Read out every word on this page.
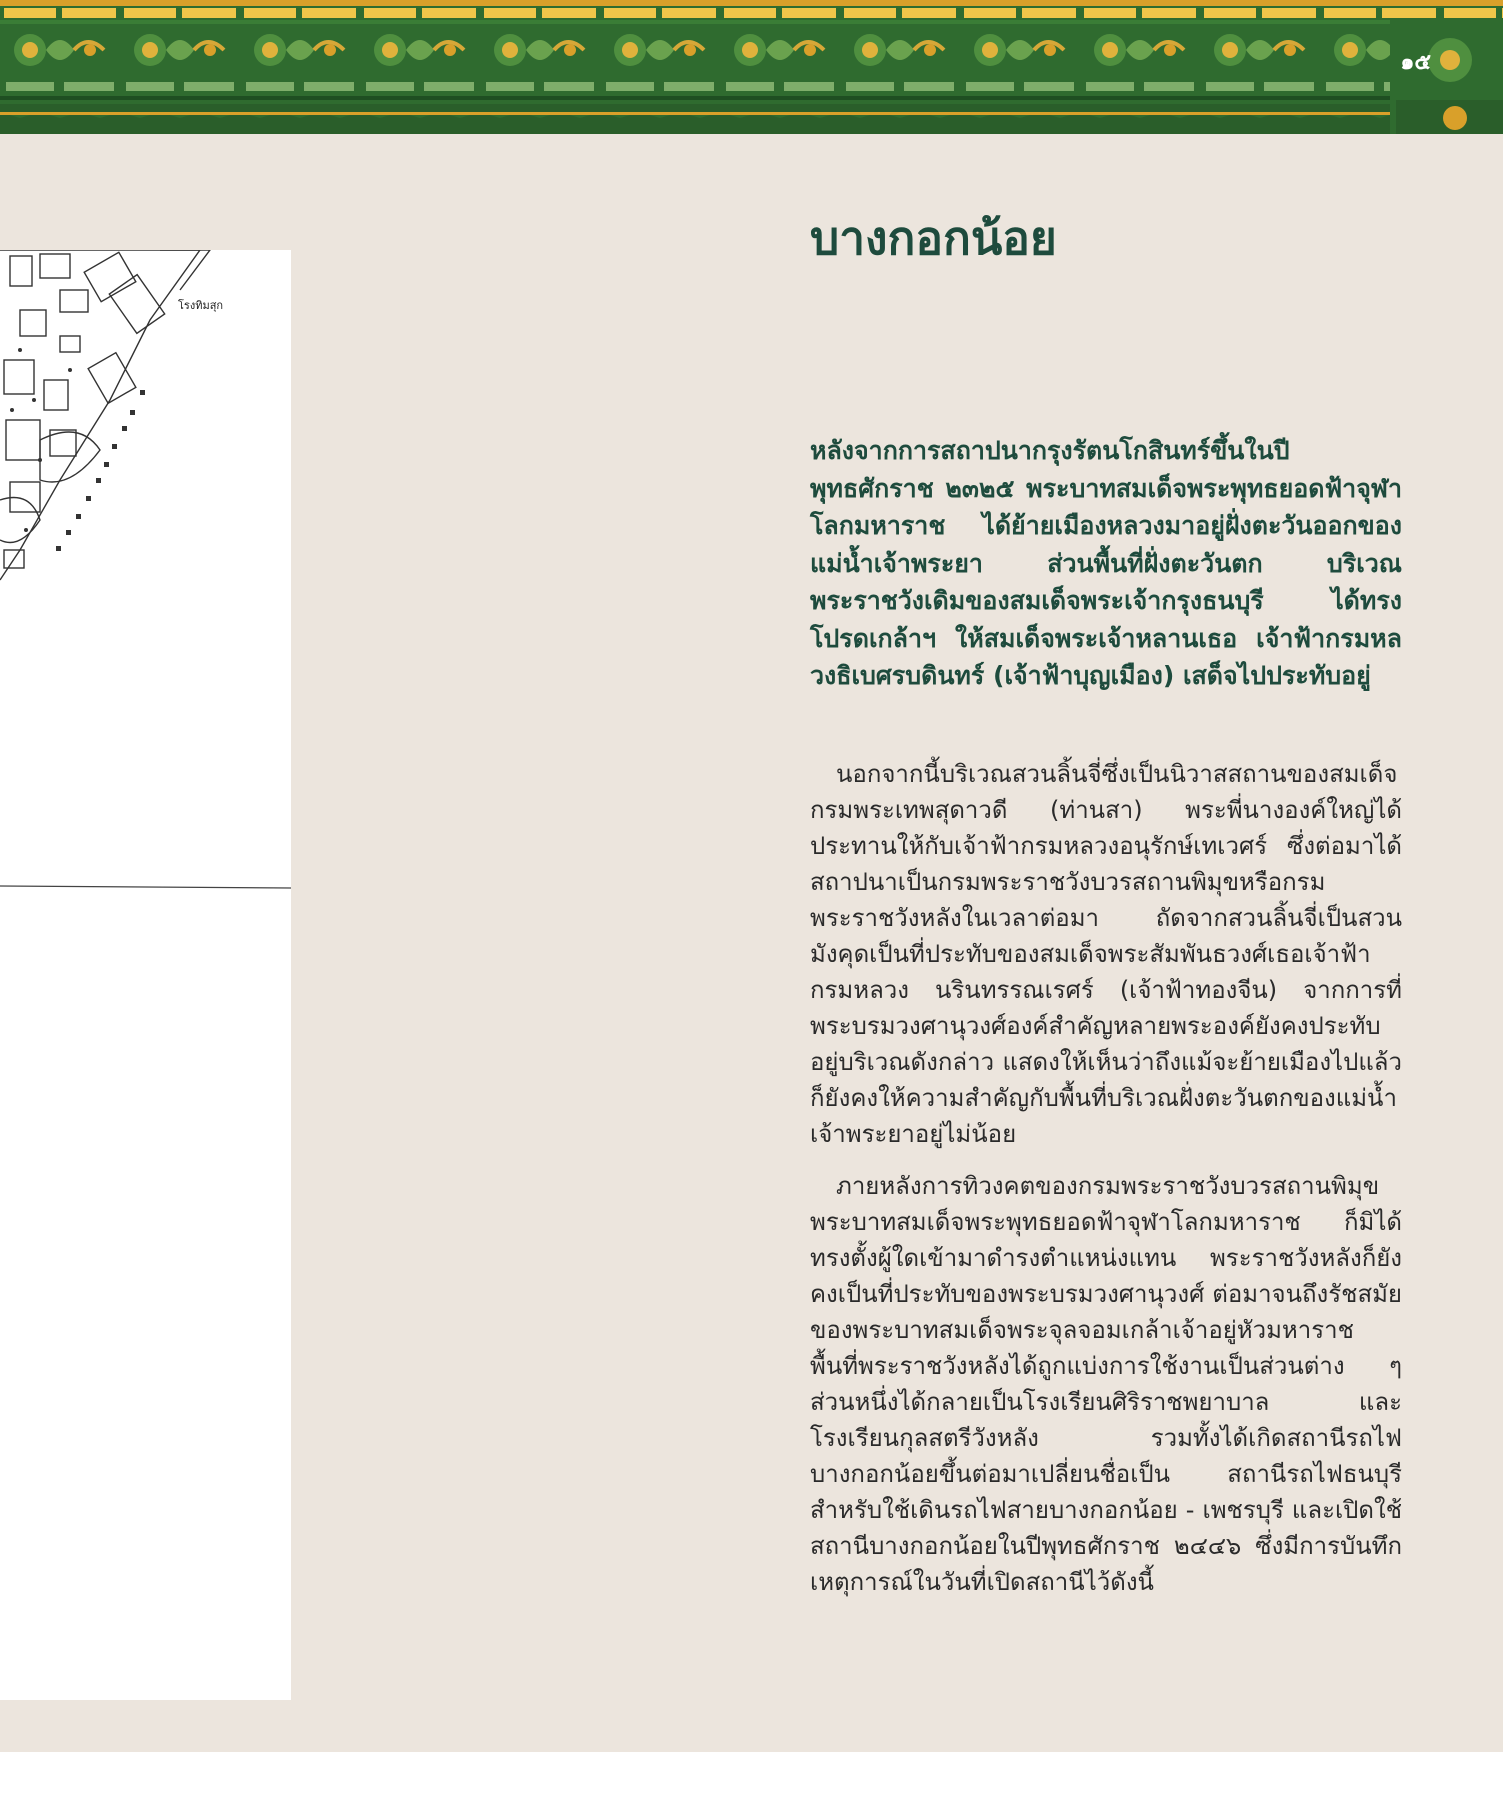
๑๕
โรงทิมสุก
บางกอกน้อย

หลังจากการสถาปนากรุงรัตนโกสินทร์ขึ้นในปีพุทธศักราช ๒๓๒๕ พระบาทสมเด็จพระพุทธยอดฟ้าจุฬาโลกมหาราช ได้ย้ายเมืองหลวงมาอยู่ฝั่งตะวันออกของแม่น้ำเจ้าพระยา ส่วนพื้นที่ฝั่งตะวันตก บริเวณพระราชวังเดิมของสมเด็จพระเจ้ากรุงธนบุรี ได้ทรงโปรดเกล้าฯ ให้สมเด็จพระเจ้าหลานเธอ เจ้าฟ้ากรมหลวงธิเบศรบดินทร์ (เจ้าฟ้าบุญเมือง) เสด็จไปประทับอยู่

นอกจากนี้บริเวณสวนลิ้นจี่ซึ่งเป็นนิวาสสถานของสมเด็จกรมพระเทพสุดาวดี (ท่านสา) พระพี่นางองค์ใหญ่ได้ประทานให้กับเจ้าฟ้ากรมหลวงอนุรักษ์เทเวศร์ ซึ่งต่อมาได้สถาปนาเป็นกรมพระราชวังบวรสถานพิมุขหรือกรมพระราชวังหลังในเวลาต่อมา ถัดจากสวนลิ้นจี่เป็นสวนมังคุดเป็นที่ประทับของสมเด็จพระสัมพันธวงศ์เธอเจ้าฟ้ากรมหลวง นรินทรรณเรศร์ (เจ้าฟ้าทองจีน) จากการที่พระบรมวงศานุวงศ์องค์สำคัญหลายพระองค์ยังคงประทับอยู่บริเวณดังกล่าว แสดงให้เห็นว่าถึงแม้จะย้ายเมืองไปแล้ว ก็ยังคงให้ความสำคัญกับพื้นที่บริเวณฝั่งตะวันตกของแม่น้ำเจ้าพระยาอยู่ไม่น้อย

ภายหลังการทิวงคตของกรมพระราชวังบวรสถานพิมุข พระบาทสมเด็จพระพุทธยอดฟ้าจุฬาโลกมหาราช ก็มิได้ทรงตั้งผู้ใดเข้ามาดำรงตำแหน่งแทน พระราชวังหลังก็ยังคงเป็นที่ประทับของพระบรมวงศานุวงศ์ ต่อมาจนถึงรัชสมัยของพระบาทสมเด็จพระจุลจอมเกล้าเจ้าอยู่หัวมหาราช พื้นที่พระราชวังหลังได้ถูกแบ่งการใช้งานเป็นส่วนต่าง ๆ ส่วนหนึ่งได้กลายเป็นโรงเรียนศิริราชพยาบาล และโรงเรียนกุลสตรีวังหลัง รวมทั้งได้เกิดสถานีรถไฟบางกอกน้อยขึ้นต่อมาเปลี่ยนชื่อเป็น สถานีรถไฟธนบุรี สำหรับใช้เดินรถไฟสายบางกอกน้อย - เพชรบุรี และเปิดใช้สถานีบางกอกน้อยในปีพุทธศักราช ๒๔๔๖ ซึ่งมีการบันทึกเหตุการณ์ในวันที่เปิดสถานีไว้ดังนี้
